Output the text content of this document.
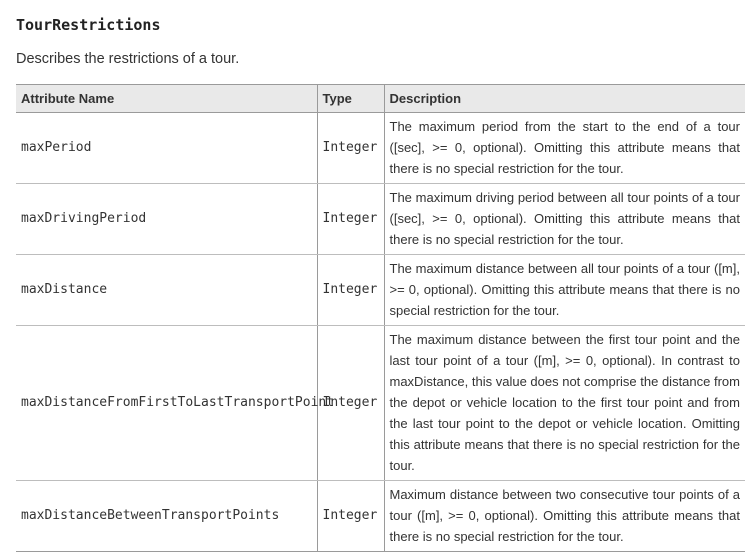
TourRestrictions

Describes the restrictions of a tour.

Attribute Name	Type	Description
maxPeriod	Integer	The maximum period from the start to the end of a tour ([sec], >= 0, optional). Omitting this attribute means that there is no special restriction for the tour.
maxDrivingPeriod	Integer	The maximum driving period between all tour points of a tour ([sec], >= 0, optional). Omitting this attribute means that there is no special restriction for the tour.
maxDistance	Integer	The maximum distance between all tour points of a tour ([m], >= 0, optional). Omitting this attribute means that there is no special restriction for the tour.
maxDistanceFromFirstToLastTransportPoint	Integer	The maximum distance between the first tour point and the last tour point of a tour ([m], >= 0, optional). In contrast to maxDistance, this value does not comprise the distance from the depot or vehicle location to the first tour point and from the last tour point to the depot or vehicle location. Omitting this attribute means that there is no special restriction for the tour.
maxDistanceBetweenTransportPoints	Integer	Maximum distance between two consecutive tour points of a tour ([m], >= 0, optional). Omitting this attribute means that there is no special restriction for the tour.
